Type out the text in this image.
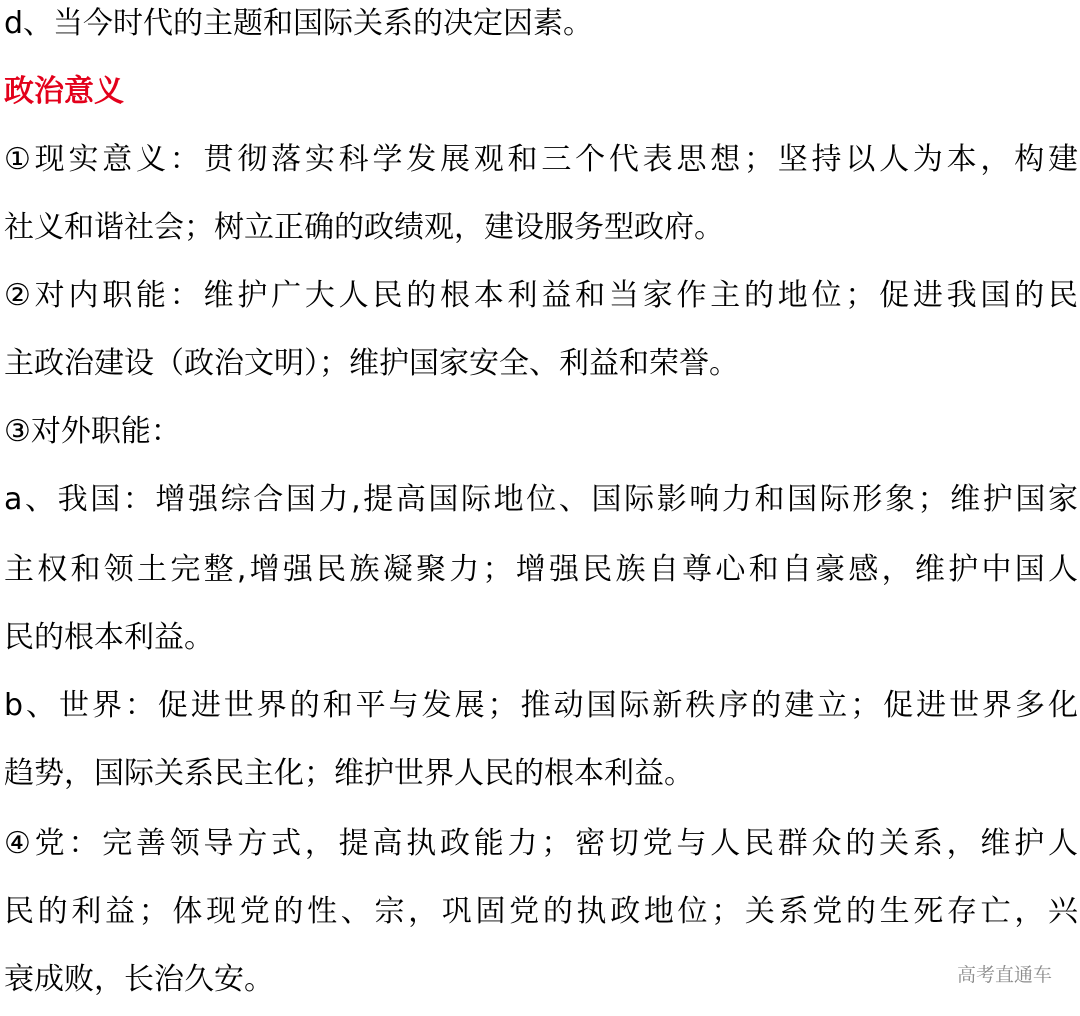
d、当今时代的主题和国际关系的决定因素。
政治意义
①现实意义：贯彻落实科学发展观和三个代表思想；坚持以人为本，构建
社义和谐社会；树立正确的政绩观，建设服务型政府。
②对内职能：维护广大人民的根本利益和当家作主的地位；促进我国的民
主政治建设（政治文明）；维护国家安全、利益和荣誉。
③对外职能：
a、我国：增强综合国力,提高国际地位、国际影响力和国际形象；维护国家
主权和领土完整,增强民族凝聚力；增强民族自尊心和自豪感，维护中国人
民的根本利益。
b、世界：促进世界的和平与发展；推动国际新秩序的建立；促进世界多化
趋势，国际关系民主化；维护世界人民的根本利益。
④党：完善领导方式，提高执政能力；密切党与人民群众的关系，维护人
民的利益；体现党的性、宗，巩固党的执政地位；关系党的生死存亡，兴
衰成败，长治久安。	高考直通车
